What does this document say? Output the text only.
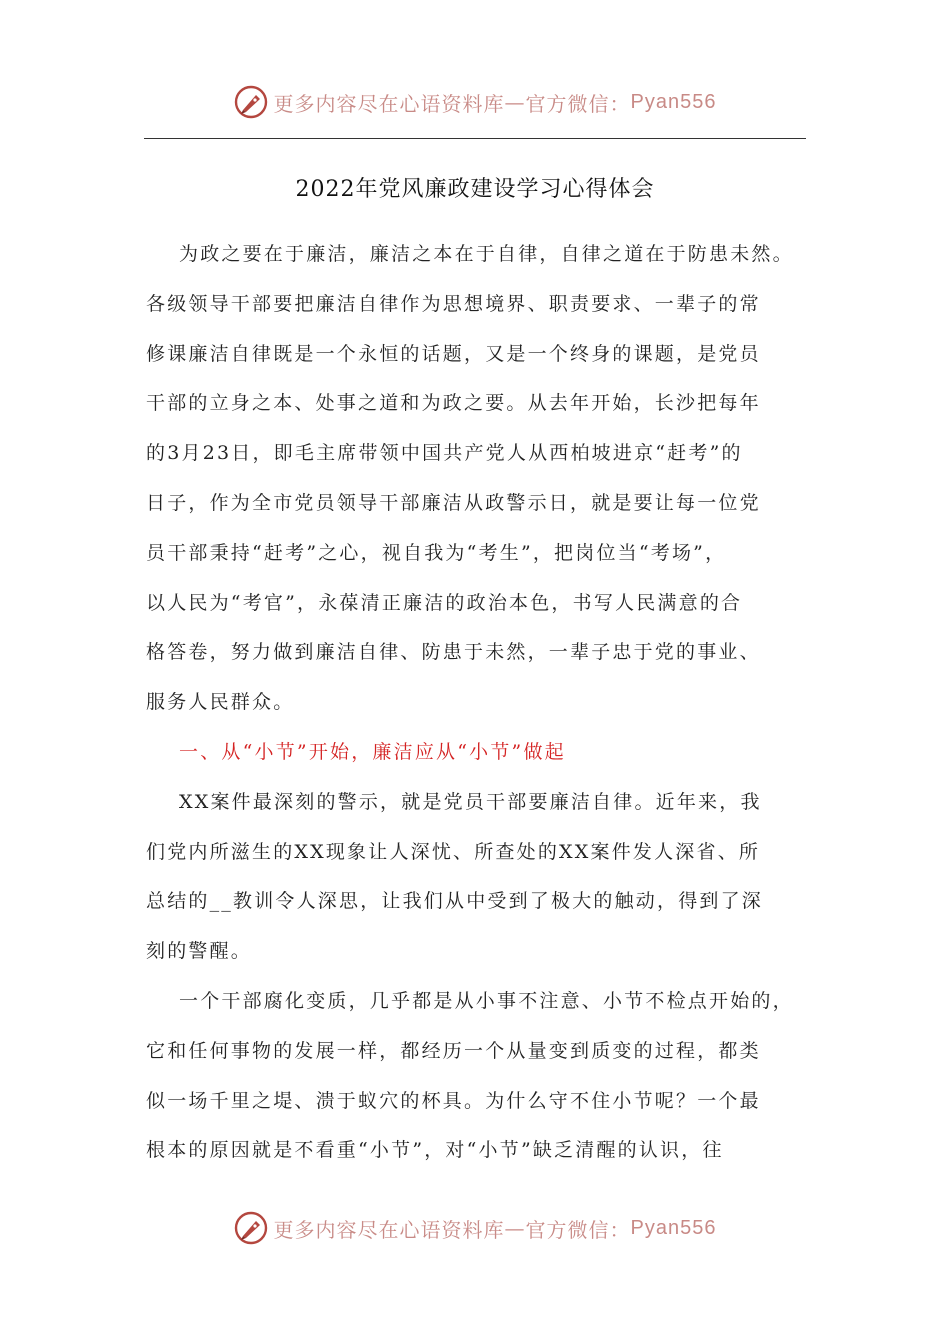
更多内容尽在心语资料库 — 官方微信： Pyan556
2022年党风廉政建设学习心得体会
为政之要在于廉洁，廉洁之本在于自律，自律之道在于防患未然。
各级领导干部要把廉洁自律作为思想境界、职责要求、一辈子的常
修课廉洁自律既是一个永恒的话题，又是一个终身的课题，是党员
干部的立身之本、处事之道和为政之要。从去年开始，长沙把每年
的3月23日，即毛主席带领中国共产党人从西柏坡进京“赶考”的
日子，作为全市党员领导干部廉洁从政警示日，就是要让每一位党
员干部秉持“赶考”之心，视自我为“考生”，把岗位当“考场”，
以人民为“考官”，永葆清正廉洁的政治本色，书写人民满意的合
格答卷，努力做到廉洁自律、防患于未然，一辈子忠于党的事业、
服务人民群众。
一、从“小节”开始，廉洁应从“小节”做起
XX案件最深刻的警示，就是党员干部要廉洁自律。近年来，我
们党内所滋生的XX现象让人深忧、所查处的XX案件发人深省、所
总结的__教训令人深思，让我们从中受到了极大的触动，得到了深
刻的警醒。
一个干部腐化变质，几乎都是从小事不注意、小节不检点开始的，
它和任何事物的发展一样，都经历一个从量变到质变的过程，都类
似一场千里之堤、溃于蚁穴的杯具。为什么守不住小节呢？一个最
根本的原因就是不看重“小节”，对“小节”缺乏清醒的认识，往
更多内容尽在心语资料库 — 官方微信： Pyan556
